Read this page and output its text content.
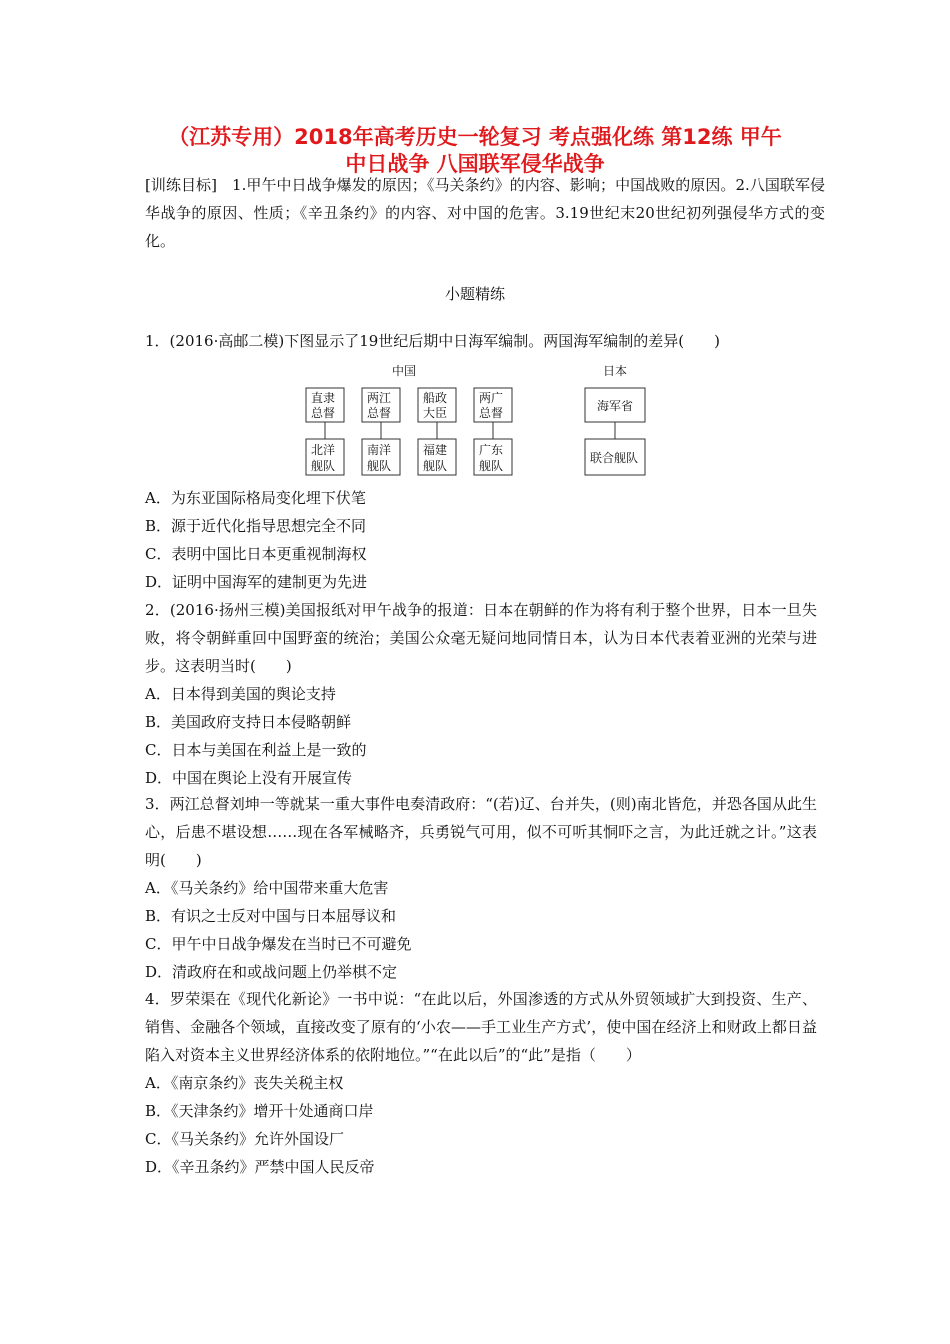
（江苏专用）2018年高考历史一轮复习 考点强化练 第12练 甲午
中日战争 八国联军侵华战争
[训练目标]　1.甲午中日战争爆发的原因；《马关条约》的内容、影响；中国战败的原因。2.八国联军侵华战争的原因、性质；《辛丑条约》的内容、对中国的危害。3.19世纪末20世纪初列强侵华方式的变化。
小题精练

1．(2016·高邮二模)下图显示了19世纪后期中日海军编制。两国海军编制的差异(　　)

中国	日本
直隶
总督
北洋
舰队
两江
总督
南洋
舰队
船政
大臣
福建
舰队
两广
总督
广东
舰队
海军省
联合舰队

A．为东亚国际格局变化埋下伏笔

B．源于近代化指导思想完全不同

C．表明中国比日本更重视制海权

D．证明中国海军的建制更为先进

2．(2016·扬州三模)美国报纸对甲午战争的报道：日本在朝鲜的作为将有利于整个世界，日本一旦失败，将令朝鲜重回中国野蛮的统治；美国公众毫无疑问地同情日本，认为日本代表着亚洲的光荣与进步。这表明当时(　　)

A．日本得到美国的舆论支持

B．美国政府支持日本侵略朝鲜

C．日本与美国在利益上是一致的

D．中国在舆论上没有开展宣传

3．两江总督刘坤一等就某一重大事件电奏清政府：“(若)辽、台并失，(则)南北皆危，并恐各国从此生心，后患不堪设想……现在各军械略齐，兵勇锐气可用，似不可听其恫吓之言，为此迁就之计。”这表明(　　)

A．《马关条约》给中国带来重大危害

B．有识之士反对中国与日本屈辱议和

C．甲午中日战争爆发在当时已不可避免

D．清政府在和或战问题上仍举棋不定

4．罗荣渠在《现代化新论》一书中说：“在此以后，外国渗透的方式从外贸领域扩大到投资、生产、销售、金融各个领域，直接改变了原有的‘小农——手工业生产方式’，使中国在经济上和财政上都日益陷入对资本主义世界经济体系的依附地位。”“在此以后”的“此”是指（　　）

A．《南京条约》丧失关税主权

B．《天津条约》增开十处通商口岸

C．《马关条约》允许外国设厂

D．《辛丑条约》严禁中国人民反帝
